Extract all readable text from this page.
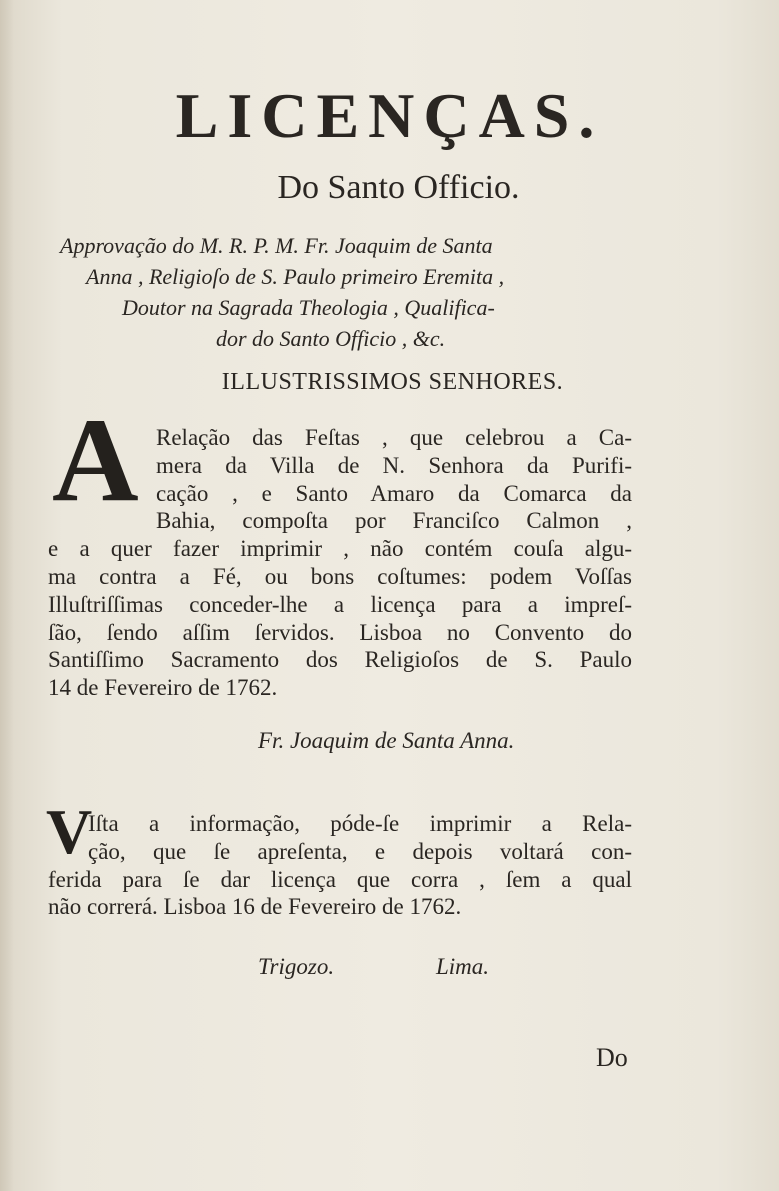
LICENÇAS.
Do Santo Officio.
Approvação do M. R. P. M. Fr. Joaquim de Santa
Anna , Religioſo de S. Paulo primeiro Eremita ,
Doutor na Sagrada Theologia , Qualifica-
dor do Santo Officio , &c.
ILLUSTRISSIMOS SENHORES.
A Relação das Feſtas , que celebrou a Ca-
mera da Villa de N. Senhora da Purifi-
cação , e Santo Amaro da Comarca da
Bahia, compoſta por Franciſco Calmon ,
e a quer fazer imprimir , não contém couſa algu-
ma contra a Fé, ou bons coſtumes: podem Voſſas
Illuſtriſſimas conceder-lhe a licença para a impreſ-
ſão, ſendo aſſim ſervidos. Lisboa no Convento do
Santiſſimo Sacramento dos Religioſos de S. Paulo
14 de Fevereiro de 1762.
Fr. Joaquim de Santa Anna.
V
Iſta a informação, póde-ſe imprimir a Rela-
ção, que ſe apreſenta, e depois voltará con-
ferida para ſe dar licença que corra , ſem a qual
não correrá. Lisboa 16 de Fevereiro de 1762.
Trigozo.	Lima.
Do
